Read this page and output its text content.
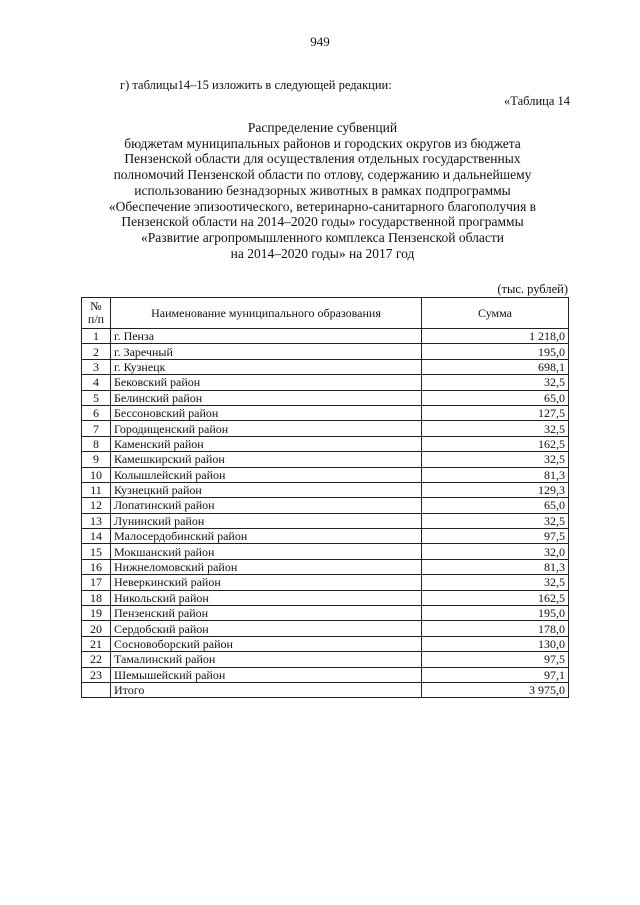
949
г) таблицы14–15 изложить в следующей редакции:
«Таблица 14
Распределение субвенций
бюджетам муниципальных районов и городских округов из бюджета
Пензенской области для осуществления отдельных государственных
полномочий Пензенской области по отлову, содержанию и дальнейшему
использованию безнадзорных животных в рамках подпрограммы
«Обеспечение эпизоотического, ветеринарно-санитарного благополучия в
Пензенской области на 2014–2020 годы» государственной программы
«Развитие агропромышленного комплекса Пензенской области
на 2014–2020 годы» на 2017 год
(тыс. рублей)
№ п/п	Наименование муниципального образования	Сумма
1	г. Пенза	1 218,0
2	г. Заречный	195,0
3	г. Кузнецк	698,1
4	Бековский район	32,5
5	Белинский район	65,0
6	Бессоновский район	127,5
7	Городищенский район	32,5
8	Каменский район	162,5
9	Камешкирский район	32,5
10	Колышлейский район	81,3
11	Кузнецкий район	129,3
12	Лопатинский район	65,0
13	Лунинский район	32,5
14	Малосердобинский район	97,5
15	Мокшанский район	32,0
16	Нижнеломовский район	81,3
17	Неверкинский район	32,5
18	Никольский район	162,5
19	Пензенский район	195,0
20	Сердобский район	178,0
21	Сосновоборский район	130,0
22	Тамалинский район	97,5
23	Шемышейский район	97,1
	Итого	3 975,0
